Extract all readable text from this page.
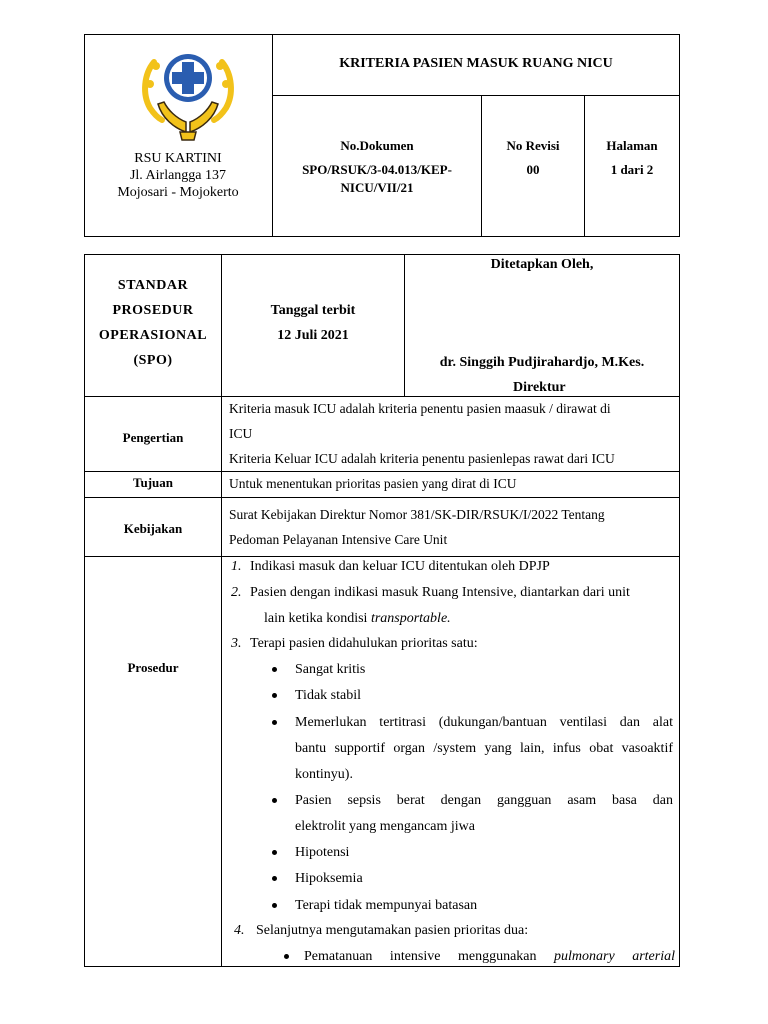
RSU KARTINI
Jl. Airlangga 137
Mojosari - Mojokerto
KRITERIA PASIEN MASUK RUANG NICU
No.Dokumen
SPO/RSUK/3-04.013/KEP-
NICU/VII/21
No Revisi
00
Halaman
1 dari 2
STANDAR
PROSEDUR
OPERASIONAL
(SPO)
Tanggal terbit
12 Juli 2021
Ditetapkan Oleh,
dr. Singgih Pudjirahardjo, M.Kes.
Direktur
Pengertian
Kriteria masuk ICU adalah kriteria penentu pasien maasuk / dirawat di
ICU
Kriteria Keluar ICU adalah kriteria penentu pasienlepas rawat dari ICU
Tujuan	Untuk menentukan prioritas pasien yang dirat di ICU
Kebijakan
Surat Kebijakan Direktur Nomor 381/SK-DIR/RSUK/I/2022 Tentang
Pedoman Pelayanan Intensive Care Unit
Prosedur
1. Indikasi masuk dan keluar ICU ditentukan oleh DPJP
2. Pasien dengan indikasi masuk Ruang Intensive, diantarkan dari unit
lain ketika kondisi transportable.
3. Terapi pasien didahulukan prioritas satu:
Sangat kritis
Tidak stabil
Memerlukan tertitrasi (dukungan/bantuan ventilasi dan alat
bantu supportif organ /system yang lain, infus obat vasoaktif
kontinyu).
Pasien sepsis berat dengan gangguan asam basa dan
elektrolit yang mengancam jiwa
Hipotensi
Hipoksemia
Terapi tidak mempunyai batasan
4. Selanjutnya mengutamakan pasien prioritas dua:
Pematanuan intensive menggunakan pulmonary arterial
